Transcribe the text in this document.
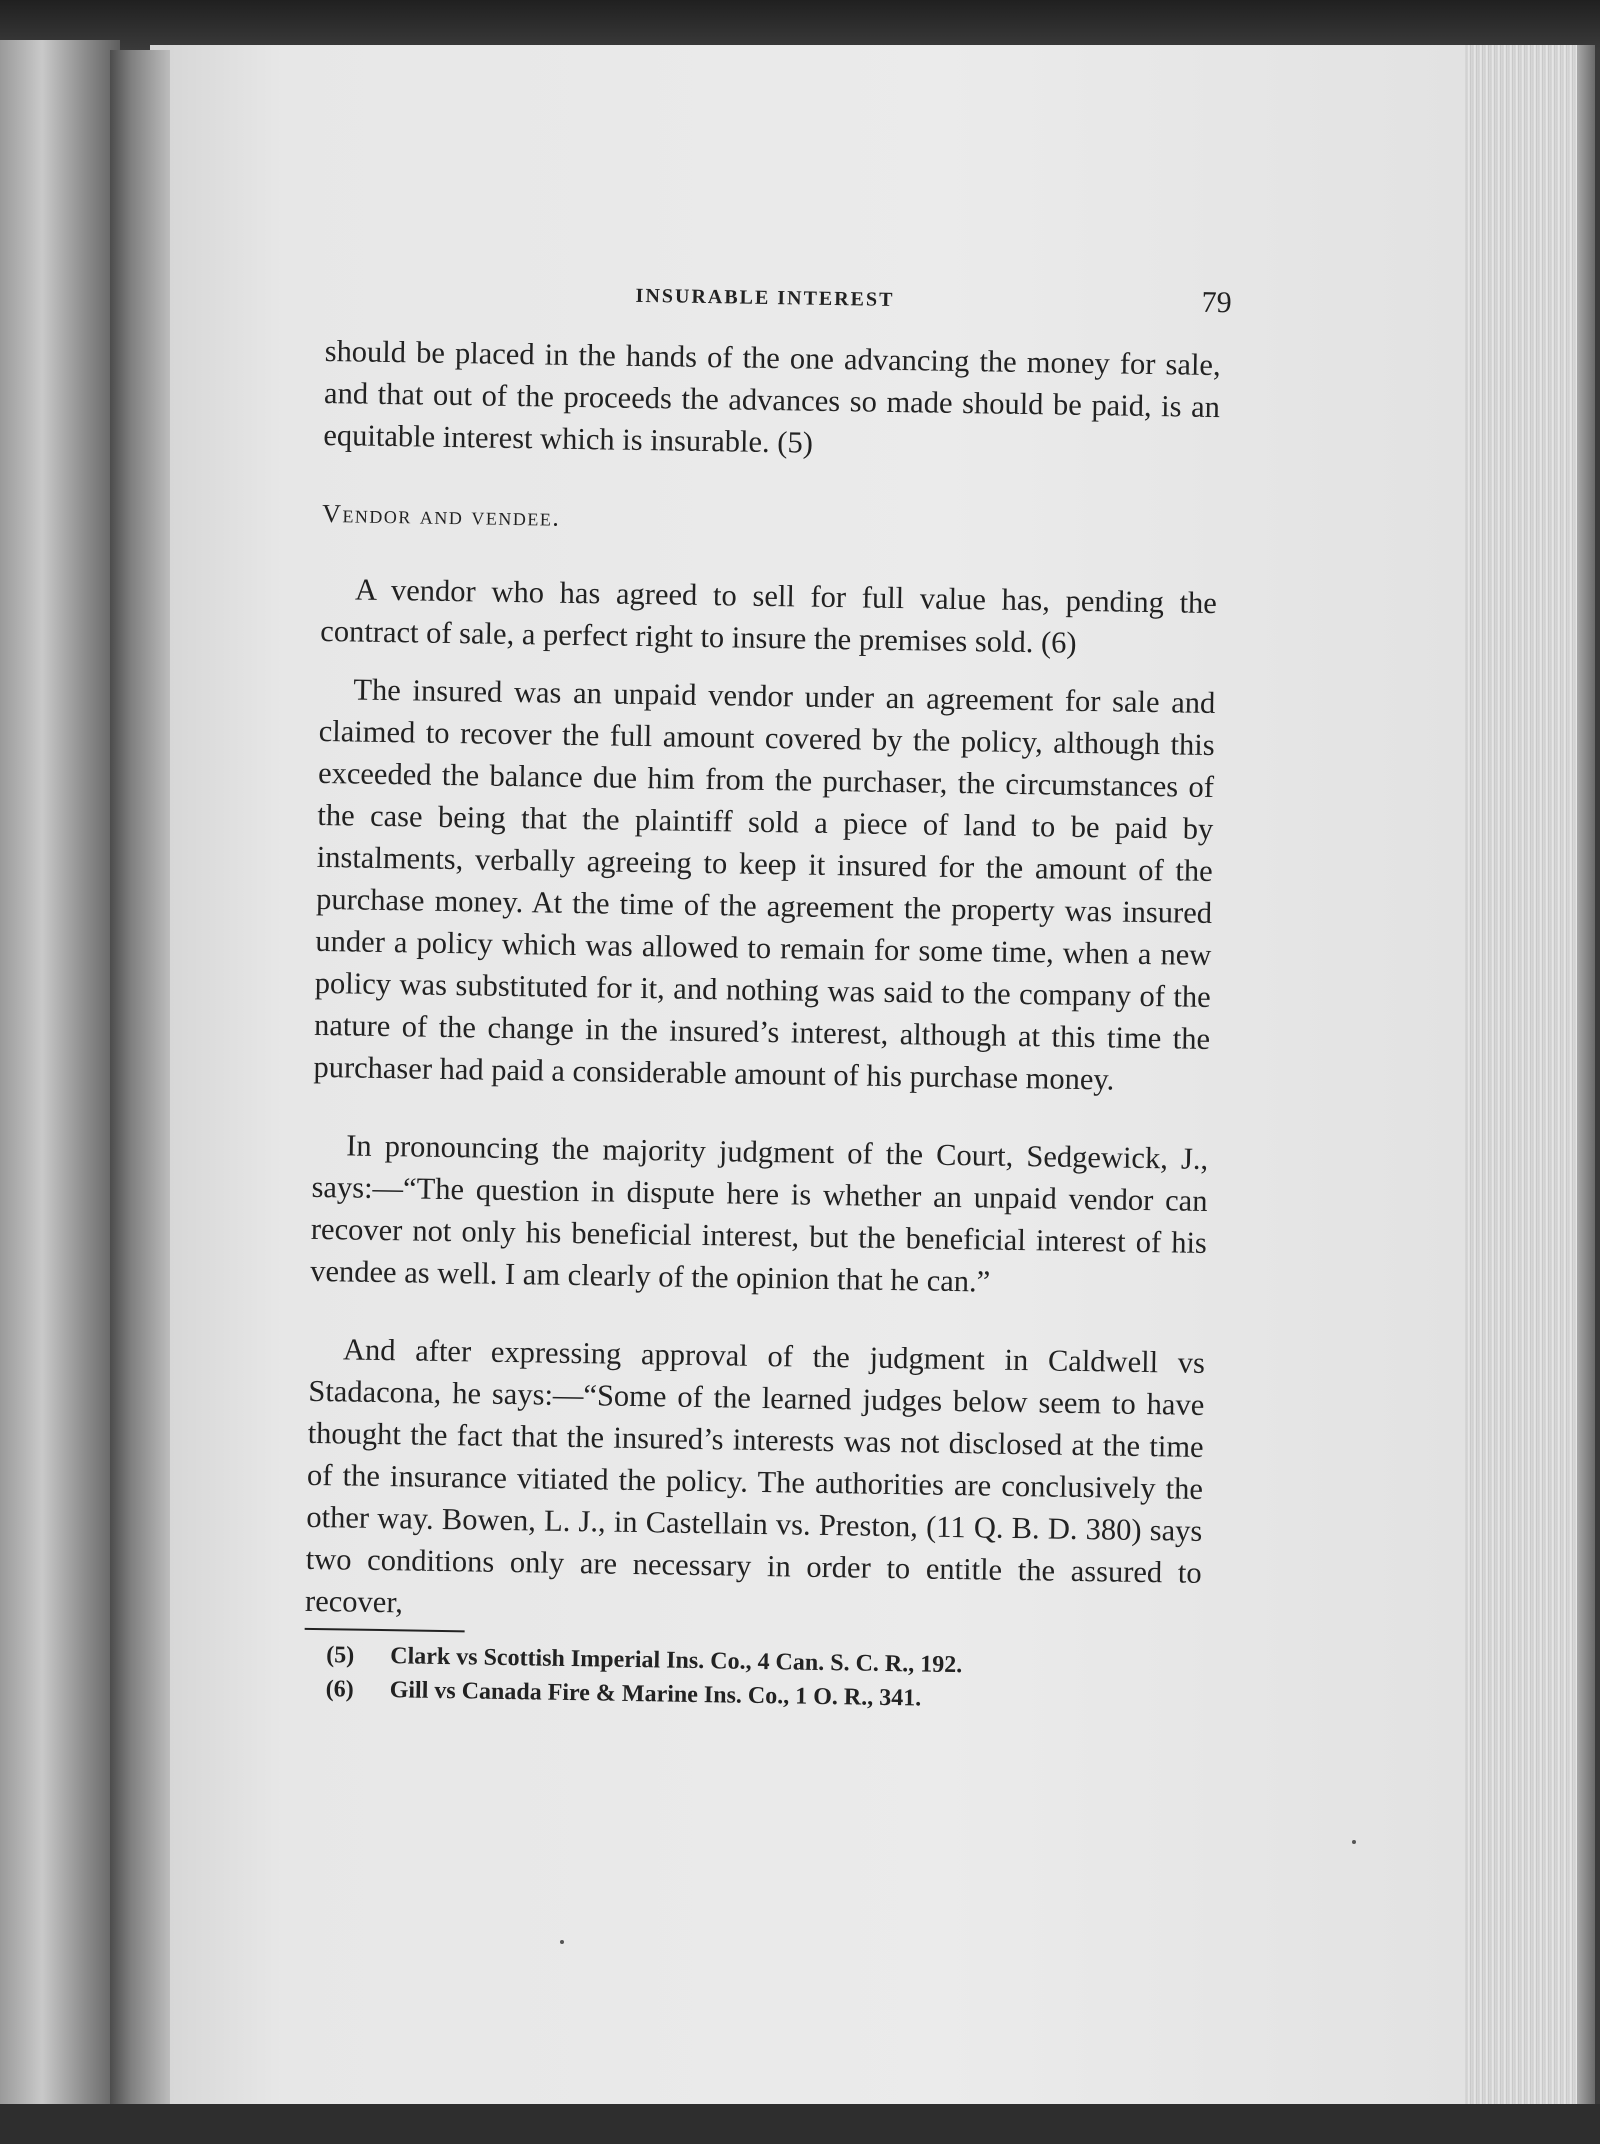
INSURABLE INTEREST	79

should be placed in the hands of the one advancing the money for sale, and that out of the proceeds the advances so made should be paid, is an equitable interest which is insurable. (5)

Vendor and vendee.

A vendor who has agreed to sell for full value has, pending the contract of sale, a perfect right to insure the premises sold. (6)

The insured was an unpaid vendor under an agreement for sale and claimed to recover the full amount covered by the policy, although this exceeded the balance due him from the purchaser, the circumstances of the case being that the plaintiff sold a piece of land to be paid by instalments, verbally agreeing to keep it insured for the amount of the purchase money. At the time of the agreement the property was insured under a policy which was allowed to remain for some time, when a new policy was substituted for it, and nothing was said to the company of the nature of the change in the insured’s interest, although at this time the purchaser had paid a considerable amount of his purchase money.

In pronouncing the majority judgment of the Court, Sedgewick, J., says:—“The question in dispute here is whether an unpaid vendor can recover not only his beneficial interest, but the beneficial interest of his vendee as well. I am clearly of the opinion that he can.”

And after expressing approval of the judgment in Caldwell vs Stadacona, he says:—“Some of the learned judges below seem to have thought the fact that the insured’s interests was not disclosed at the time of the insurance vitiated the policy. The authorities are conclusively the other way. Bowen, L. J., in Castellain vs. Preston, (11 Q. B. D. 380) says two conditions only are necessary in order to entitle the assured to recover,

(5) Clark vs Scottish Imperial Ins. Co., 4 Can. S. C. R., 192.
(6) Gill vs Canada Fire & Marine Ins. Co., 1 O. R., 341.
